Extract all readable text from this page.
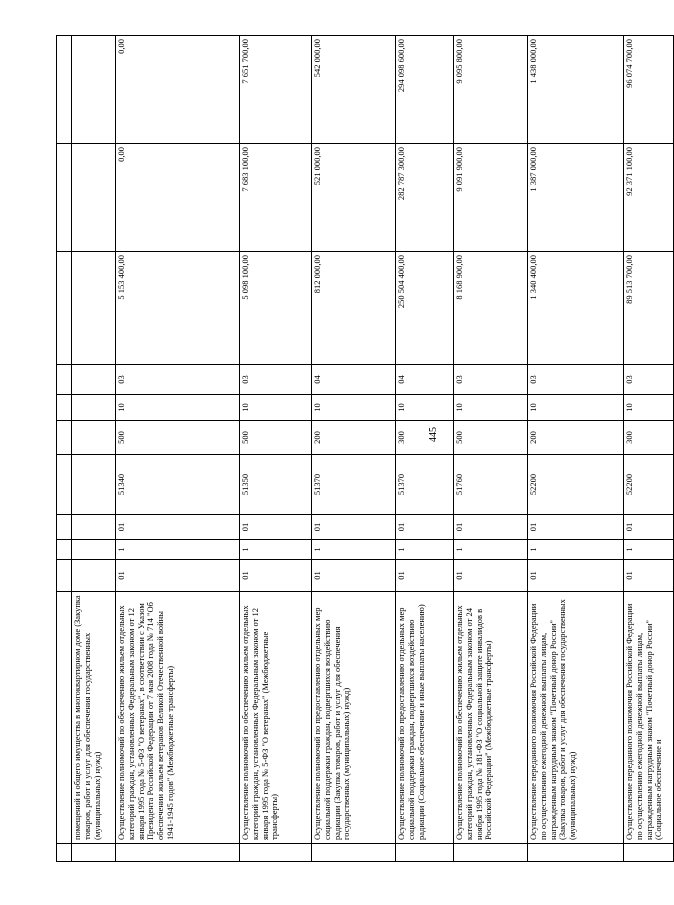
445

	помещений и общего имущества в многоквартирном доме (Закупка товаров, работ и услуг для обеспечения государственных (муниципальных) нужд)										
	Осуществление полномочий по обеспечению жильем отдельных категорий граждан, установленных Федеральным законом от 12 января 1995 года № 5-ФЗ "О ветеранах", в соответствии с Указом Президента Российской Федерации от 7 мая 2008 года № 714 "Об обеспечении жильем ветеранов Великой Отечественной войны 1941-1945 годов" (Межбюджетные трансферты)	01	1	01	51340	500	10	03	5 153 400,00	0,00	0,00
	Осуществление полномочий по обеспечению жильем отдельных категорий граждан, установленных Федеральным законом от 12 января 1995 года № 5-ФЗ "О ветеранах" (Межбюджетные трансферты)	01	1	01	51350	500	10	03	5 098 100,00	7 683 100,00	7 651 700,00
	Осуществление полномочий по предоставлению отдельных мер социальной поддержки граждан, подвергшихся воздействию радиации (Закупка товаров, работ и услуг для обеспечения государственных (муниципальных) нужд)	01	1	01	51370	200	10	04	812 000,00	521 000,00	542 000,00
	Осуществление полномочий по предоставлению отдельных мер социальной поддержки граждан, подвергшихся воздействию радиации (Социальное обеспечение и иные выплаты населению)	01	1	01	51370	300	10	04	250 504 400,00	282 787 300,00	294 098 600,00
	Осуществление полномочий по обеспечению жильем отдельных категорий граждан, установленных Федеральным законом от 24 ноября 1995 года № 181-ФЗ "О социальной защите инвалидов в Российской Федерации" (Межбюджетные трансферты)	01	1	01	51760	500	10	03	8 168 900,00	9 091 900,00	9 095 800,00
	Осуществление переданного полномочия Российской Федерации по осуществлению ежегодной денежной выплаты лицам, награжденным нагрудным знаком "Почетный донор России" (Закупка товаров, работ и услуг для обеспечения государственных (муниципальных) нужд)	01	1	01	52200	200	10	03	1 340 400,00	1 387 000,00	1 438 000,00
	Осуществление переданного полномочия Российской Федерации по осуществлению ежегодной денежной выплаты лицам, награжденным нагрудным знаком "Почетный донор России" (Социальное обеспечение и	01	1	01	52200	300	10	03	89 513 700,00	92 371 100,00	96 074 700,00
